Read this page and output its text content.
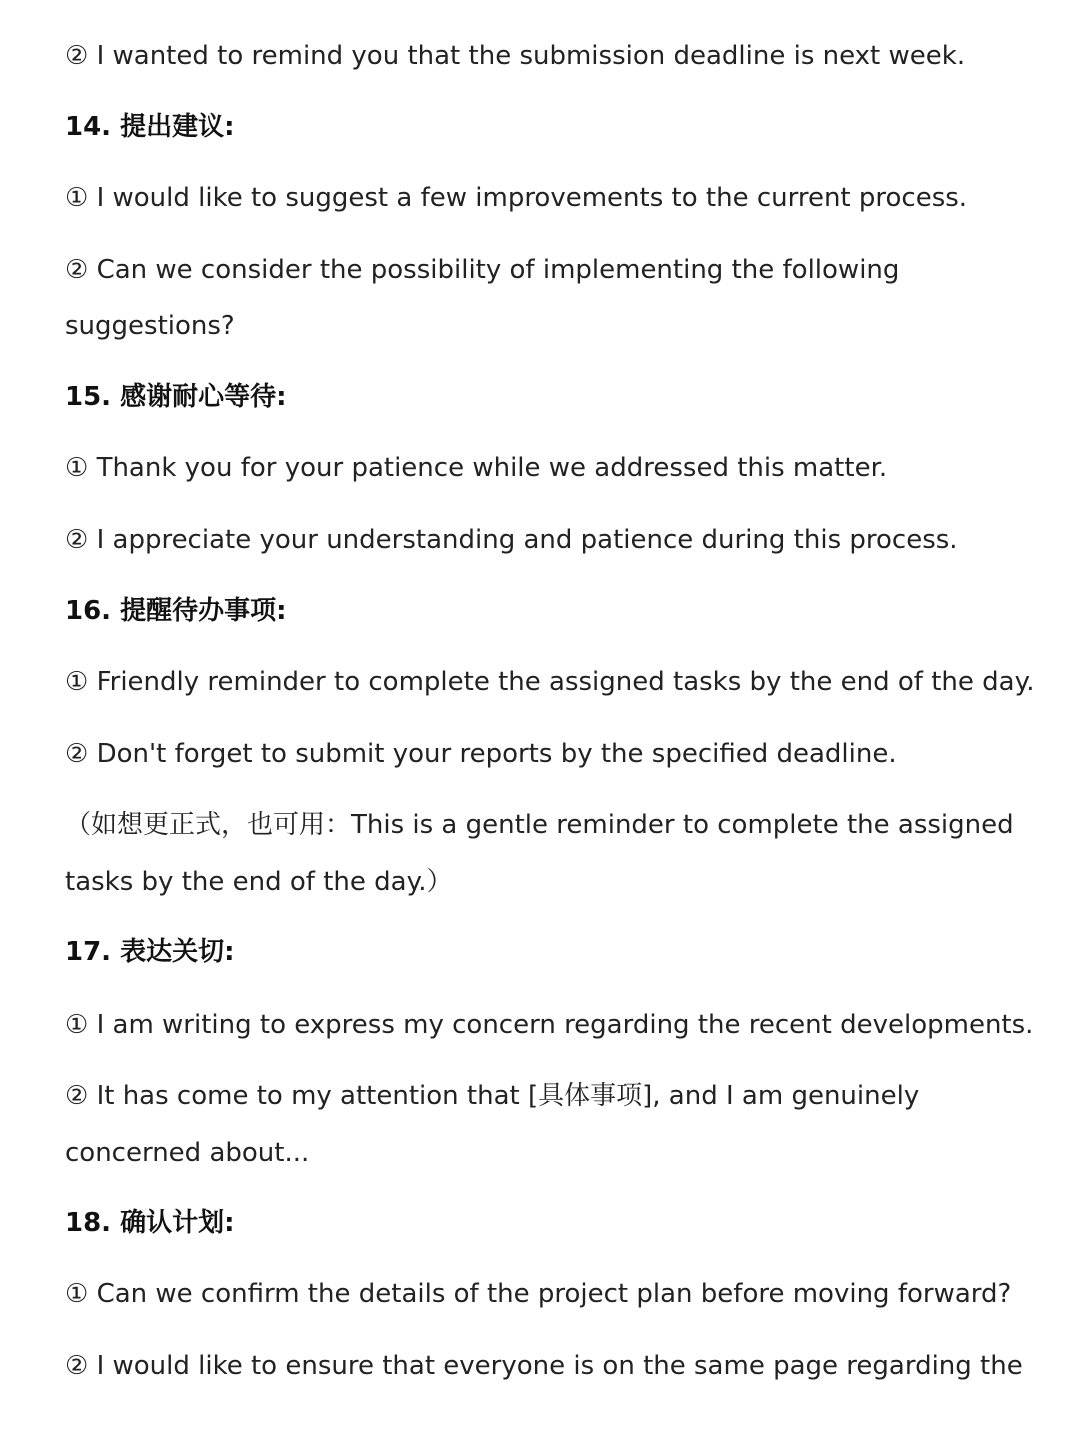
② I wanted to remind you that the submission deadline is next week.
14. 提出建议:
① I would like to suggest a few improvements to the current process.
② Can we consider the possibility of implementing the following
suggestions?
15. 感谢耐心等待:
① Thank you for your patience while we addressed this matter.
② I appreciate your understanding and patience during this process.
16. 提醒待办事项:
① Friendly reminder to complete the assigned tasks by the end of the day.
② Don't forget to submit your reports by the specified deadline.
（如想更正式，也可用：This is a gentle reminder to complete the assigned
tasks by the end of the day.）
17. 表达关切:
① I am writing to express my concern regarding the recent developments.
② It has come to my attention that [具体事项], and I am genuinely
concerned about...
18. 确认计划:
① Can we confirm the details of the project plan before moving forward?
② I would like to ensure that everyone is on the same page regarding the
